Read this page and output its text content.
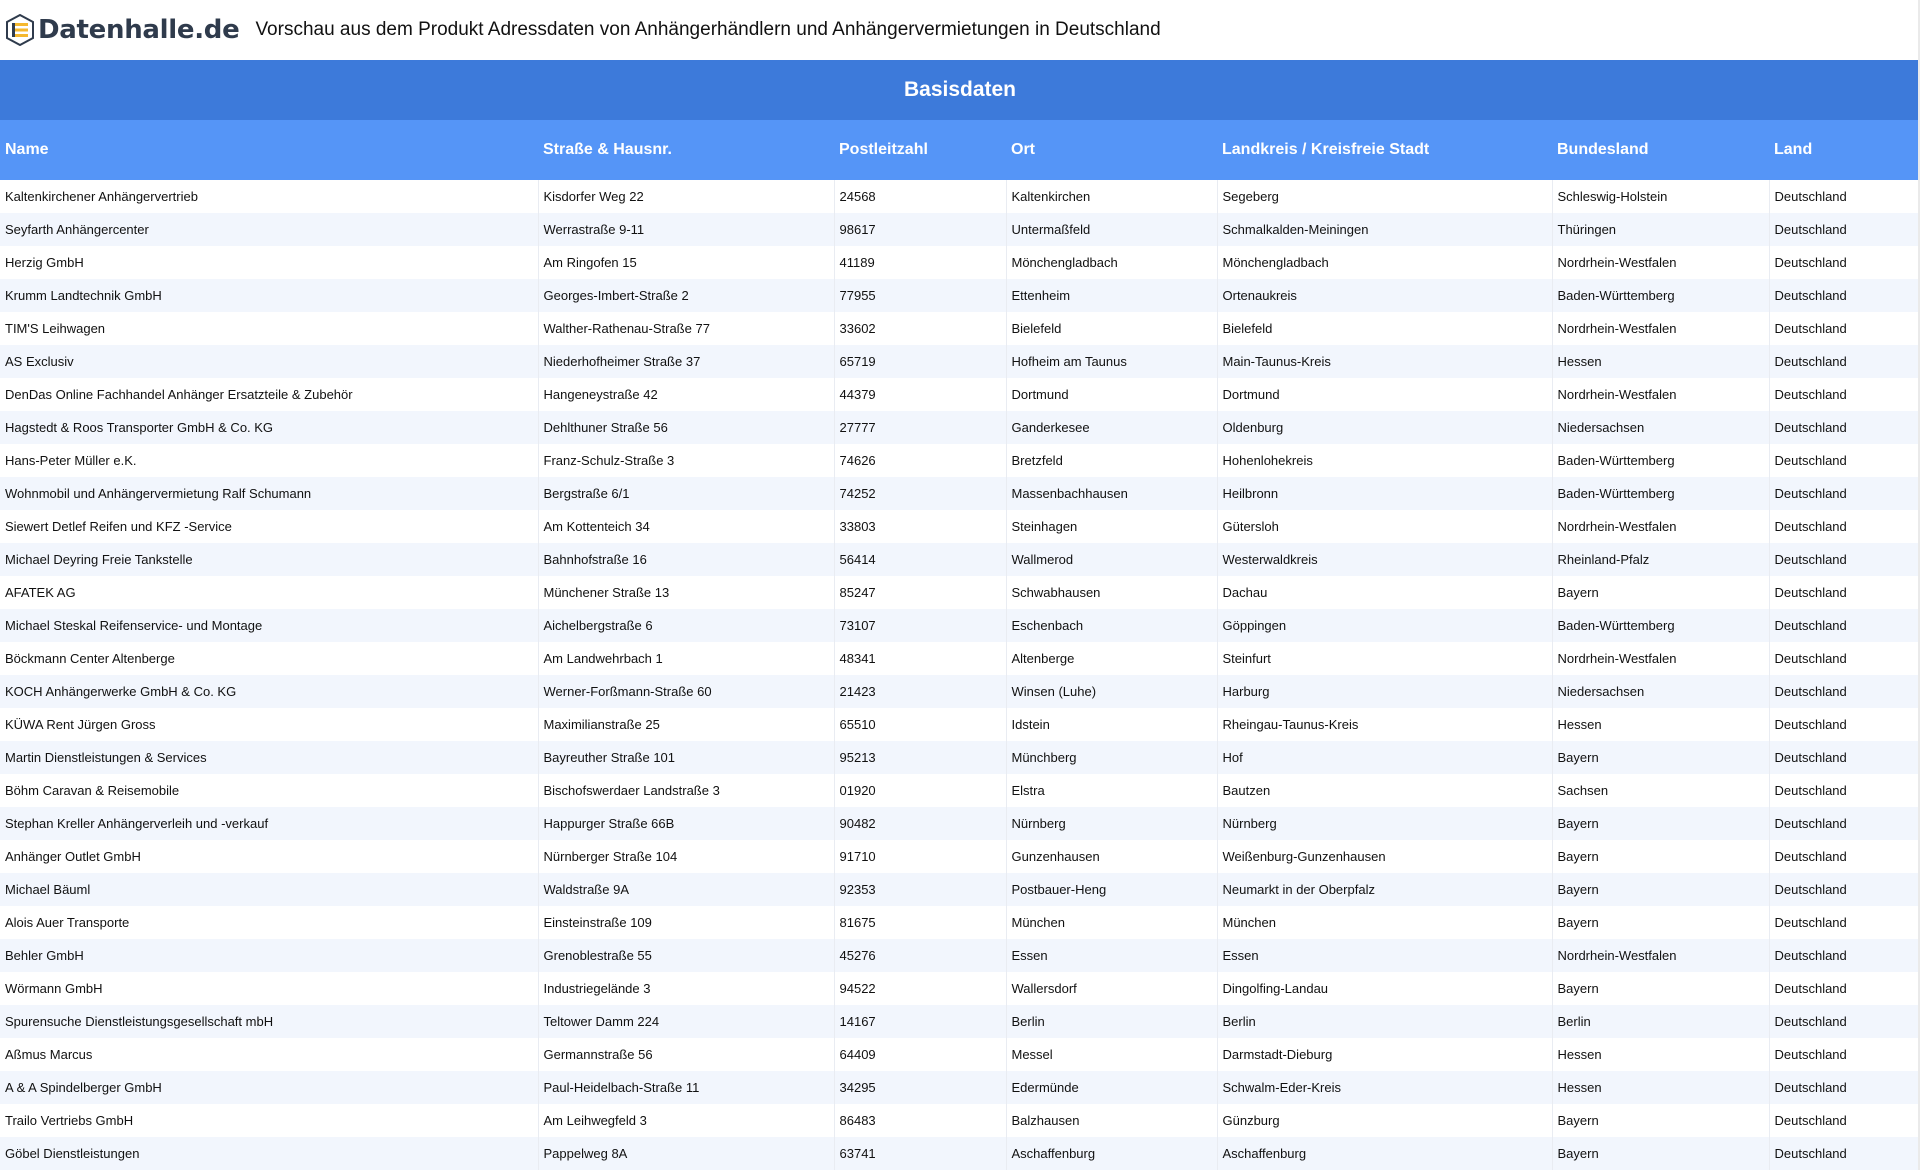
Datenhalle.de Vorschau aus dem Produkt Adressdaten von Anhängerhändlern und Anhängervermietungen in Deutschland
Basisdaten
Name	Straße & Hausnr.	Postleitzahl	Ort	Landkreis / Kreisfreie Stadt	Bundesland	Land
Kaltenkirchener Anhängervertrieb	Kisdorfer Weg 22	24568	Kaltenkirchen	Segeberg	Schleswig-Holstein	Deutschland
Seyfarth Anhängercenter	Werrastraße 9-11	98617	Untermaßfeld	Schmalkalden-Meiningen	Thüringen	Deutschland
Herzig GmbH	Am Ringofen 15	41189	Mönchengladbach	Mönchengladbach	Nordrhein-Westfalen	Deutschland
Krumm Landtechnik GmbH	Georges-Imbert-Straße 2	77955	Ettenheim	Ortenaukreis	Baden-Württemberg	Deutschland
TIM'S Leihwagen	Walther-Rathenau-Straße 77	33602	Bielefeld	Bielefeld	Nordrhein-Westfalen	Deutschland
AS Exclusiv	Niederhofheimer Straße 37	65719	Hofheim am Taunus	Main-Taunus-Kreis	Hessen	Deutschland
DenDas Online Fachhandel Anhänger Ersatzteile & Zubehör	Hangeneystraße 42	44379	Dortmund	Dortmund	Nordrhein-Westfalen	Deutschland
Hagstedt & Roos Transporter GmbH & Co. KG	Dehlthuner Straße 56	27777	Ganderkesee	Oldenburg	Niedersachsen	Deutschland
Hans-Peter Müller e.K.	Franz-Schulz-Straße 3	74626	Bretzfeld	Hohenlohekreis	Baden-Württemberg	Deutschland
Wohnmobil und Anhängervermietung Ralf Schumann	Bergstraße 6/1	74252	Massenbachhausen	Heilbronn	Baden-Württemberg	Deutschland
Siewert Detlef Reifen und KFZ -Service	Am Kottenteich 34	33803	Steinhagen	Gütersloh	Nordrhein-Westfalen	Deutschland
Michael Deyring Freie Tankstelle	Bahnhofstraße 16	56414	Wallmerod	Westerwaldkreis	Rheinland-Pfalz	Deutschland
AFATEK AG	Münchener Straße 13	85247	Schwabhausen	Dachau	Bayern	Deutschland
Michael Steskal Reifenservice- und Montage	Aichelbergstraße 6	73107	Eschenbach	Göppingen	Baden-Württemberg	Deutschland
Böckmann Center Altenberge	Am Landwehrbach 1	48341	Altenberge	Steinfurt	Nordrhein-Westfalen	Deutschland
KOCH Anhängerwerke GmbH & Co. KG	Werner-Forßmann-Straße 60	21423	Winsen (Luhe)	Harburg	Niedersachsen	Deutschland
KÜWA Rent Jürgen Gross	Maximilianstraße 25	65510	Idstein	Rheingau-Taunus-Kreis	Hessen	Deutschland
Martin Dienstleistungen & Services	Bayreuther Straße 101	95213	Münchberg	Hof	Bayern	Deutschland
Böhm Caravan & Reisemobile	Bischofswerdaer Landstraße 3	01920	Elstra	Bautzen	Sachsen	Deutschland
Stephan Kreller Anhängerverleih und -verkauf	Happurger Straße 66B	90482	Nürnberg	Nürnberg	Bayern	Deutschland
Anhänger Outlet GmbH	Nürnberger Straße 104	91710	Gunzenhausen	Weißenburg-Gunzenhausen	Bayern	Deutschland
Michael Bäuml	Waldstraße 9A	92353	Postbauer-Heng	Neumarkt in der Oberpfalz	Bayern	Deutschland
Alois Auer Transporte	Einsteinstraße 109	81675	München	München	Bayern	Deutschland
Behler GmbH	Grenoblestraße 55	45276	Essen	Essen	Nordrhein-Westfalen	Deutschland
Wörmann GmbH	Industriegelände 3	94522	Wallersdorf	Dingolfing-Landau	Bayern	Deutschland
Spurensuche Dienstleistungsgesellschaft mbH	Teltower Damm 224	14167	Berlin	Berlin	Berlin	Deutschland
Aßmus Marcus	Germannstraße 56	64409	Messel	Darmstadt-Dieburg	Hessen	Deutschland
A & A Spindelberger GmbH	Paul-Heidelbach-Straße 11	34295	Edermünde	Schwalm-Eder-Kreis	Hessen	Deutschland
Trailo Vertriebs GmbH	Am Leihwegfeld 3	86483	Balzhausen	Günzburg	Bayern	Deutschland
Göbel Dienstleistungen	Pappelweg 8A	63741	Aschaffenburg	Aschaffenburg	Bayern	Deutschland
